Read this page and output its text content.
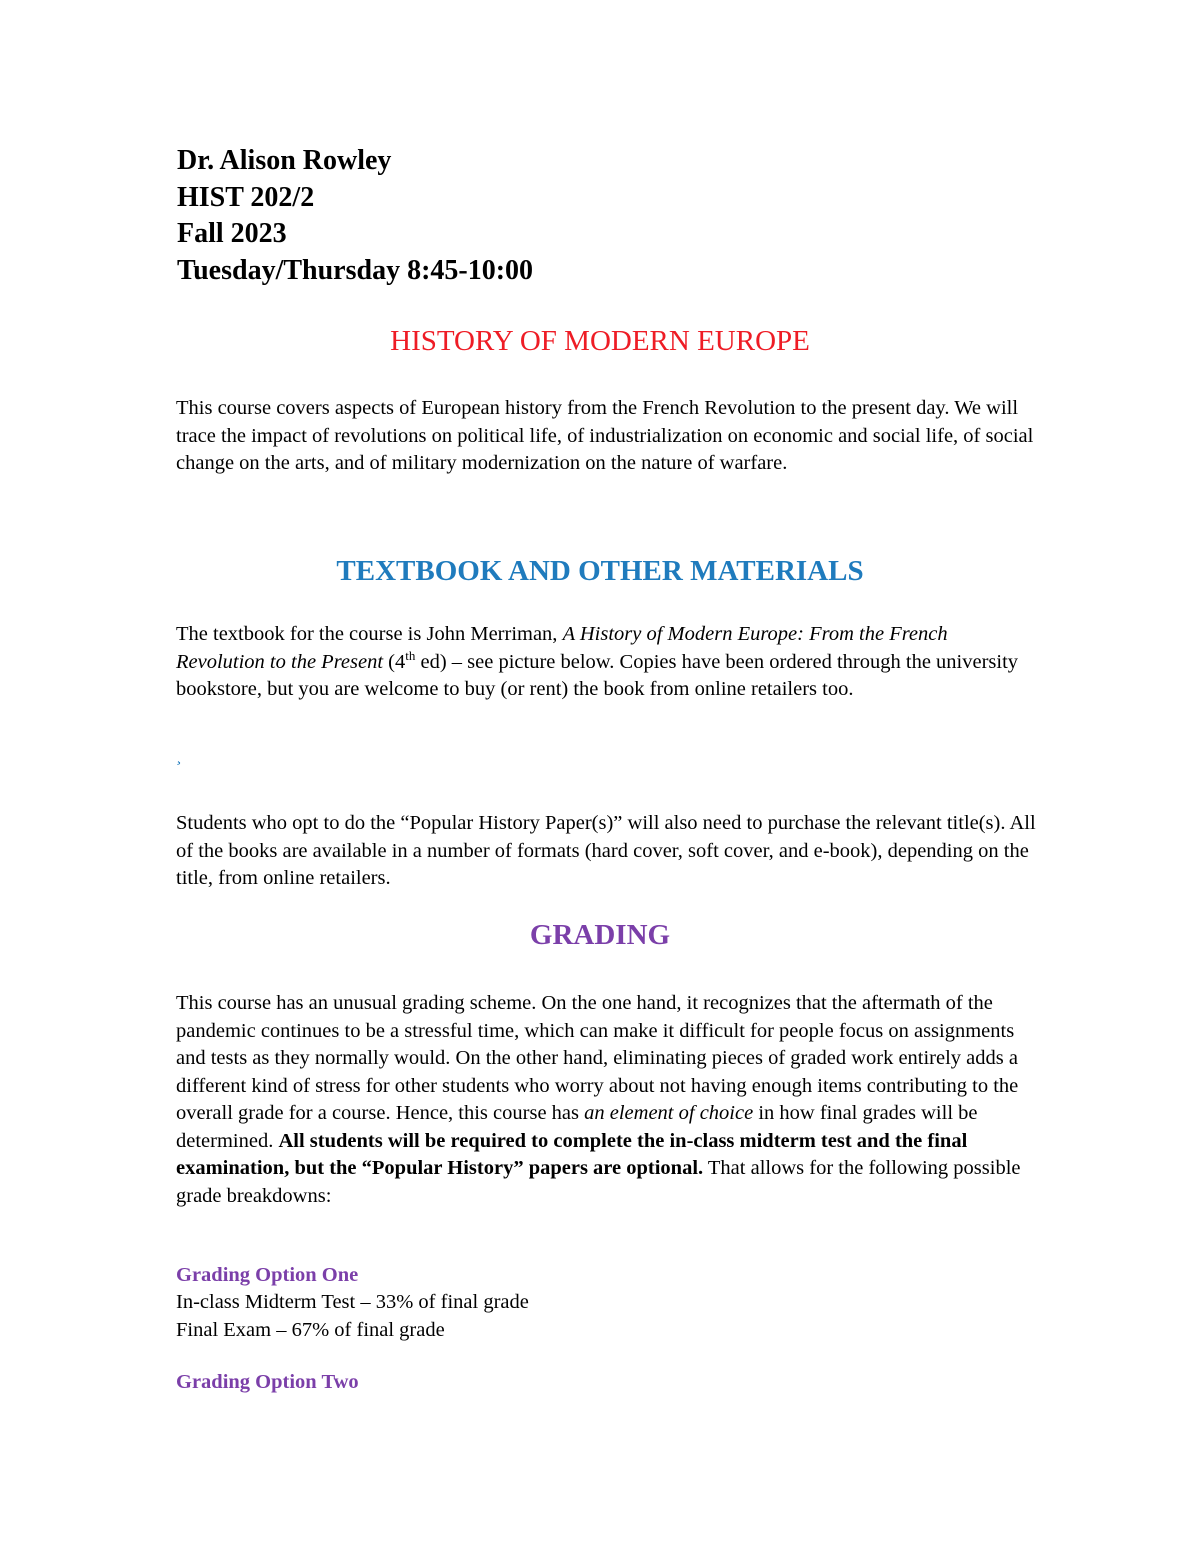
Dr. Alison Rowley
HIST 202/2
Fall 2023
Tuesday/Thursday 8:45-10:00
HISTORY OF MODERN EUROPE
This course covers aspects of European history from the French Revolution to the present day. We will trace the impact of revolutions on political life, of industrialization on economic and social life, of social change on the arts, and of military modernization on the nature of warfare.
TEXTBOOK AND OTHER MATERIALS
The textbook for the course is John Merriman, A History of Modern Europe: From the French Revolution to the Present (4th ed) – see picture below. Copies have been ordered through the university bookstore, but you are welcome to buy (or rent) the book from online retailers too.
¸
Students who opt to do the “Popular History Paper(s)” will also need to purchase the relevant title(s). All of the books are available in a number of formats (hard cover, soft cover, and e-book), depending on the title, from online retailers.
GRADING
This course has an unusual grading scheme. On the one hand, it recognizes that the aftermath of the pandemic continues to be a stressful time, which can make it difficult for people focus on assignments and tests as they normally would. On the other hand, eliminating pieces of graded work entirely adds a different kind of stress for other students who worry about not having enough items contributing to the overall grade for a course. Hence, this course has an element of choice in how final grades will be determined. All students will be required to complete the in-class midterm test and the final examination, but the “Popular History” papers are optional. That allows for the following possible grade breakdowns:
Grading Option One
In-class Midterm Test – 33% of final grade
Final Exam – 67% of final grade
Grading Option Two
